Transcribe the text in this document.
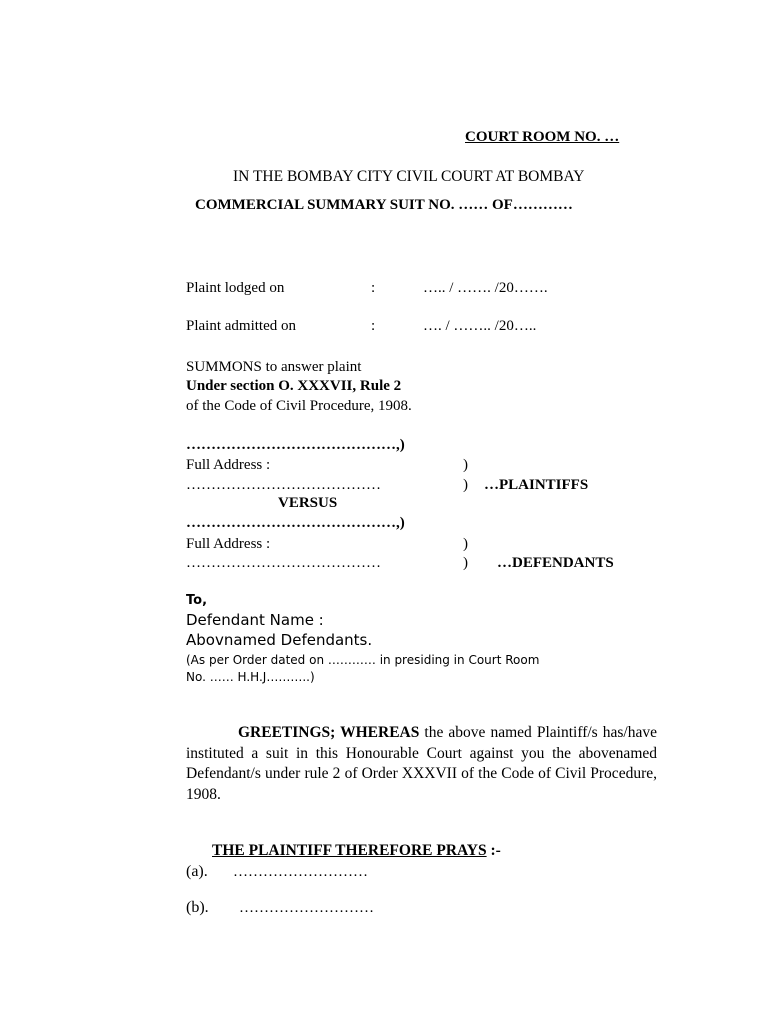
COURT ROOM NO. …
IN THE BOMBAY CITY CIVIL COURT AT BOMBAY
COMMERCIAL SUMMARY SUIT NO. …… OF…………
Plaint lodged on	:	….. / ……. /20…….
Plaint admitted on	:	…. / …….. /20…..
SUMMONS to answer plaint
Under section O. XXXVII, Rule 2
of the Code of Civil Procedure, 1908.
……………………………………,)
Full Address :	)
…………………………………	) …PLAINTIFFS
VERSUS
……………………………………,)
Full Address :	)
…………………………………	) …DEFENDANTS
To,
Defendant Name :
Abovnamed Defendants.
(As per Order dated on ………… in presiding in Court Room
No. …… H.H.J………..)
GREETINGS; WHEREAS the above named Plaintiff/s has/have instituted a suit in this Honourable Court against you the abovenamed Defendant/s under rule 2 of Order XXXVII of the Code of Civil Procedure, 1908.
THE PLAINTIFF THEREFORE PRAYS :-
(a). ………………………
(b). ………………………
